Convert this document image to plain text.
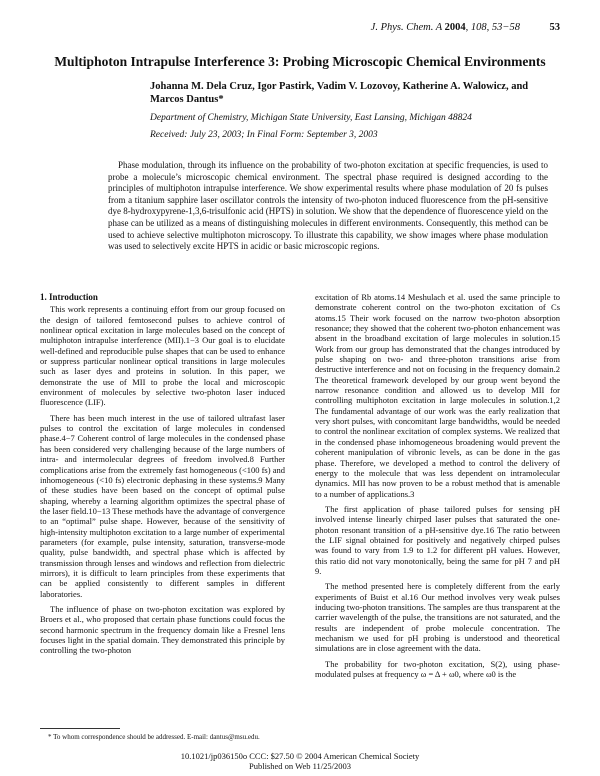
J. Phys. Chem. A 2004, 108, 53−58	53
Multiphoton Intrapulse Interference 3: Probing Microscopic Chemical Environments
Johanna M. Dela Cruz, Igor Pastirk, Vadim V. Lozovoy, Katherine A. Walowicz, and Marcos Dantus*
Department of Chemistry, Michigan State University, East Lansing, Michigan 48824
Received: July 23, 2003; In Final Form: September 3, 2003
Phase modulation, through its influence on the probability of two-photon excitation at specific frequencies, is used to probe a molecule’s microscopic chemical environment. The spectral phase required is designed according to the principles of multiphoton intrapulse interference. We show experimental results where phase modulation of 20 fs pulses from a titanium sapphire laser oscillator controls the intensity of two-photon induced fluorescence from the pH-sensitive dye 8-hydroxypyrene-1,3,6-trisulfonic acid (HPTS) in solution. We show that the dependence of fluorescence yield on the phase can be utilized as a means of distinguishing molecules in different environments. Consequently, this method can be used to achieve selective multiphoton microscopy. To illustrate this capability, we show images where phase modulation was used to selectively excite HPTS in acidic or basic microscopic regions.

1. Introduction

This work represents a continuing effort from our group focused on the design of tailored femtosecond pulses to achieve control of nonlinear optical excitation in large molecules based on the concept of multiphoton intrapulse interference (MII).1−3 Our goal is to elucidate well-defined and reproducible pulse shapes that can be used to enhance or suppress particular nonlinear optical transitions in large molecules such as laser dyes and proteins in solution. In this paper, we demonstrate the use of MII to probe the local and microscopic environment of molecules by selective two-photon laser induced fluorescence (LIF).

There has been much interest in the use of tailored ultrafast laser pulses to control the excitation of large molecules in condensed phase.4−7 Coherent control of large molecules in the condensed phase has been considered very challenging because of the large numbers of intra- and intermolecular degrees of freedom involved.8 Further complications arise from the extremely fast homogeneous (<100 fs) and inhomogeneous (<10 fs) electronic dephasing in these systems.9 Many of these studies have been based on the concept of optimal pulse shaping, whereby a learning algorithm optimizes the spectral phase of the laser field.10−13 These methods have the advantage of convergence to an “optimal” pulse shape. However, because of the sensitivity of high-intensity multiphoton excitation to a large number of experimental parameters (for example, pulse intensity, saturation, transverse-mode quality, pulse bandwidth, and spectral phase which is affected by transmission through lenses and windows and reflection from dielectric mirrors), it is difficult to learn principles from these experiments that can be applied consistently to different samples in different laboratories.

The influence of phase on two-photon excitation was explored by Broers et al., who proposed that certain phase functions could focus the second harmonic spectrum in the frequency domain like a Fresnel lens focuses light in the spatial domain. They demonstrated this principle by controlling the two-photon

excitation of Rb atoms.14 Meshulach et al. used the same principle to demonstrate coherent control on the two-photon excitation of Cs atoms.15 Their work focused on the narrow two-photon absorption resonance; they showed that the coherent two-photon enhancement was absent in the broadband excitation of large molecules in solution.15 Work from our group has demonstrated that the changes introduced by pulse shaping on two- and three-photon transitions arise from destructive interference and not on focusing in the frequency domain.2 The theoretical framework developed by our group went beyond the narrow resonance condition and allowed us to develop MII for controlling multiphoton excitation in large molecules in solution.1,2 The fundamental advantage of our work was the early realization that very short pulses, with concomitant large bandwidths, would be needed to control the nonlinear excitation of complex systems. We realized that in the condensed phase inhomogeneous broadening would prevent the coherent manipulation of vibronic levels, as can be done in the gas phase. Therefore, we developed a method to control the delivery of energy to the molecule that was less dependent on intramolecular dynamics. MII has now proven to be a robust method that is amenable to a number of applications.3

The first application of phase tailored pulses for sensing pH involved intense linearly chirped laser pulses that saturated the one-photon resonant transition of a pH-sensitive dye.16 The ratio between the LIF signal obtained for positively and negatively chirped pulses was found to vary from 1.9 to 1.2 for different pH values. However, this ratio did not vary monotonically, being the same for pH 7 and pH 9.

The method presented here is completely different from the early experiments of Buist et al.16 Our method involves very weak pulses inducing two-photon transitions. The samples are thus transparent at the carrier wavelength of the pulse, the transitions are not saturated, and the results are independent of probe molecule concentration. The mechanism we used for pH probing is understood and theoretical simulations are in close agreement with the data.

The probability for two-photon excitation, S(2), using phase-modulated pulses at frequency ω = Δ + ω0, where ω0 is the

* To whom correspondence should be addressed. E-mail: dantus@msu.edu.
10.1021/jp036150o CCC: $27.50 © 2004 American Chemical Society
Published on Web 11/25/2003
